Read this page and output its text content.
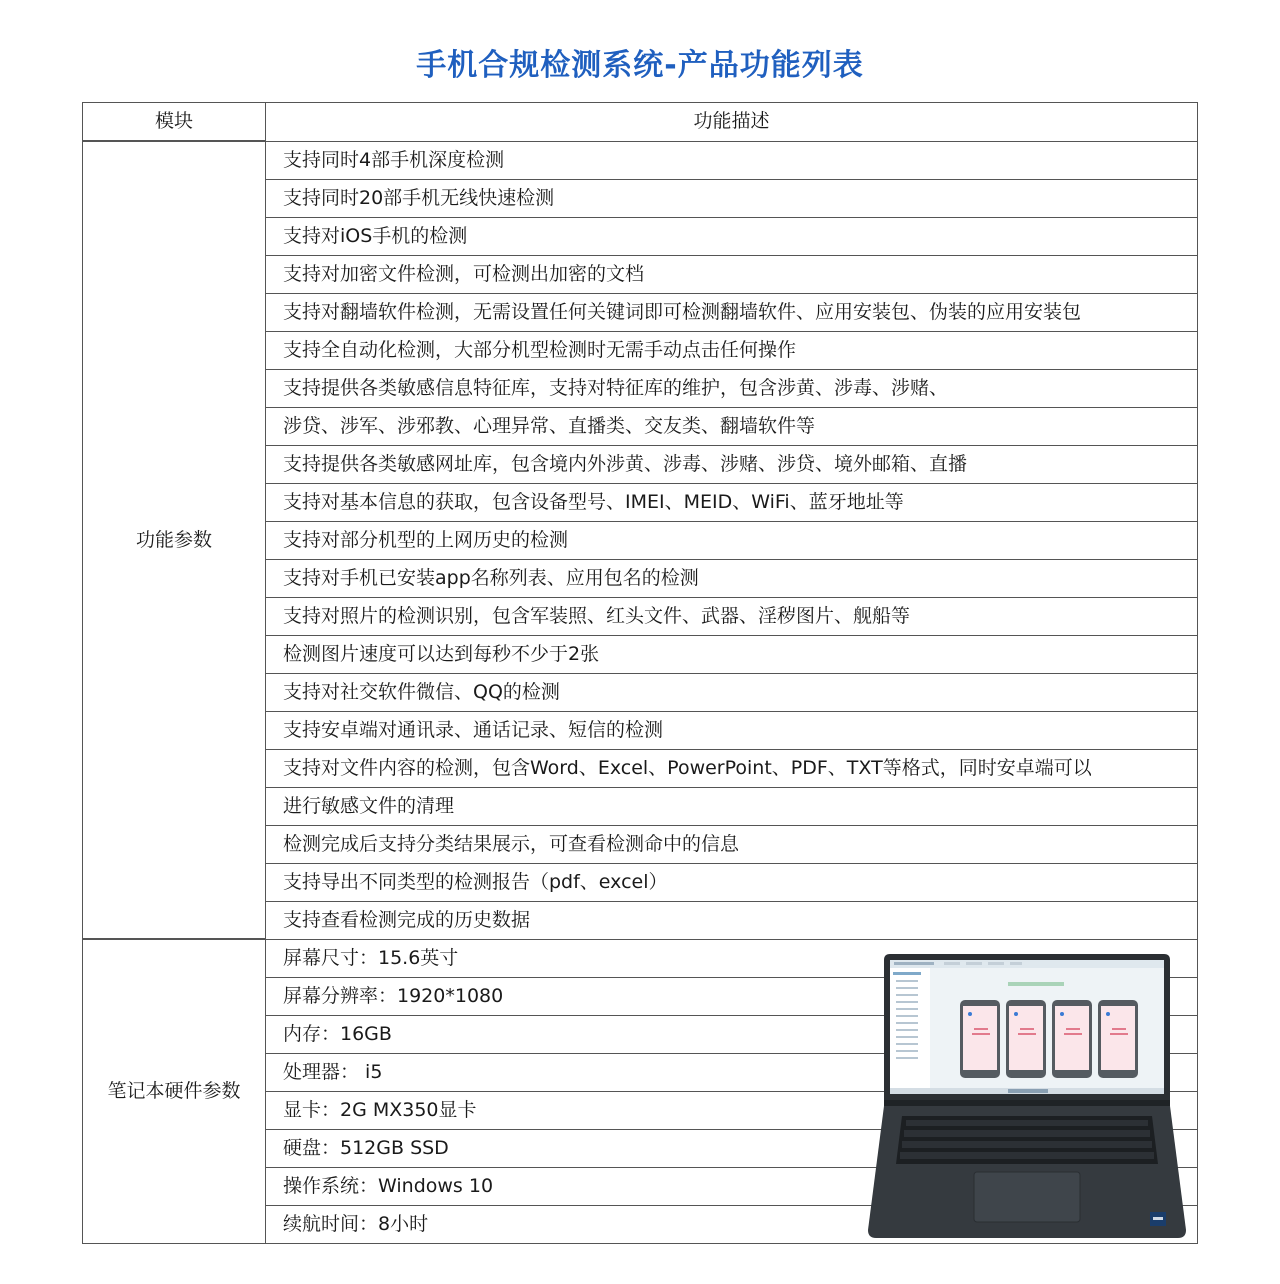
手机合规检测系统-产品功能列表
模块	功能描述
功能参数	支持同时4部手机深度检测
	支持同时20部手机无线快速检测
	支持对iOS手机的检测
	支持对加密文件检测，可检测出加密的文档
	支持对翻墙软件检测，无需设置任何关键词即可检测翻墙软件、应用安装包、伪装的应用安装包
	支持全自动化检测，大部分机型检测时无需手动点击任何操作
	支持提供各类敏感信息特征库，支持对特征库的维护，包含涉黄、涉毒、涉赌、
	涉贷、涉军、涉邪教、心理异常、直播类、交友类、翻墙软件等
	支持提供各类敏感网址库，包含境内外涉黄、涉毒、涉赌、涉贷、境外邮箱、直播
	支持对基本信息的获取，包含设备型号、IMEI、MEID、WiFi、蓝牙地址等
	支持对部分机型的上网历史的检测
	支持对手机已安装app名称列表、应用包名的检测
	支持对照片的检测识别，包含军装照、红头文件、武器、淫秽图片、舰船等
	检测图片速度可以达到每秒不少于2张
	支持对社交软件微信、QQ的检测
	支持安卓端对通讯录、通话记录、短信的检测
	支持对文件内容的检测，包含Word、Excel、PowerPoint、PDF、TXT等格式，同时安卓端可以
	进行敏感文件的清理
	检测完成后支持分类结果展示，可查看检测命中的信息
	支持导出不同类型的检测报告（pdf、excel）
	支持查看检测完成的历史数据
笔记本硬件参数	屏幕尺寸：15.6英寸
	屏幕分辨率：1920*1080
	内存：16GB
	处理器： i5
	显卡：2G MX350显卡
	硬盘：512GB SSD
	操作系统：Windows 10
	续航时间：8小时
